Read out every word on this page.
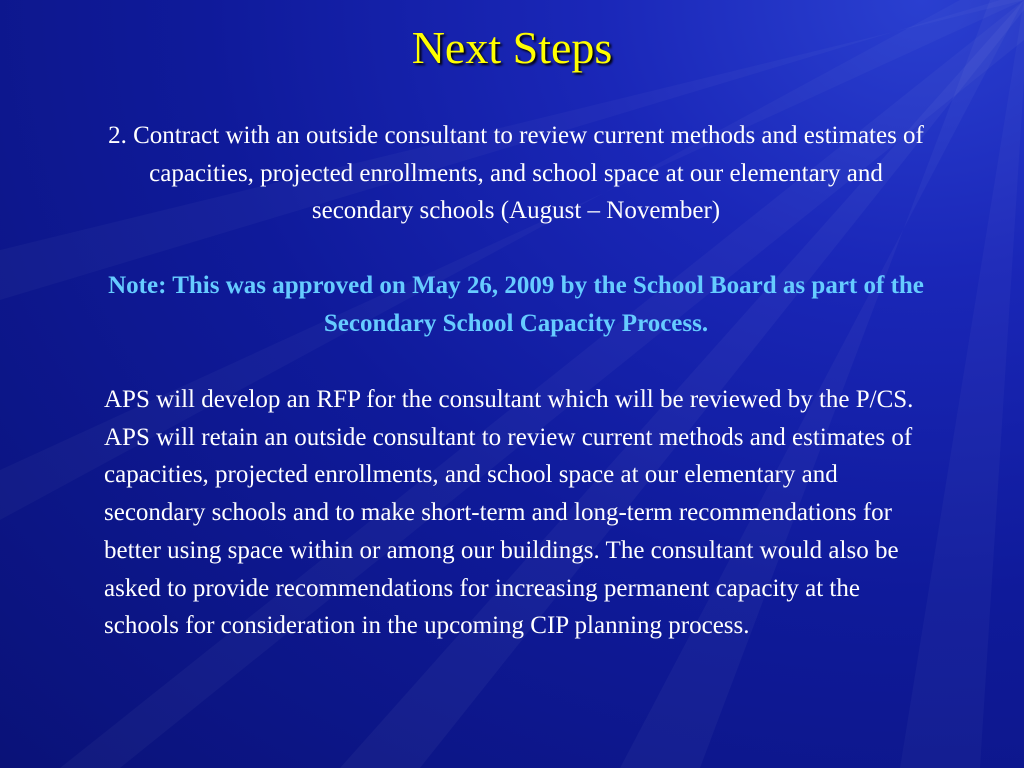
Next Steps
2. Contract with an outside consultant to review current methods and estimates of capacities, projected enrollments, and school space at our elementary and secondary schools (August – November)
Note: This was approved on May 26, 2009 by the School Board as part of the Secondary School Capacity Process.
APS will develop an RFP for the consultant which will be reviewed by the P/CS. APS will retain an outside consultant to review current methods and estimates of capacities, projected enrollments, and school space at our elementary and secondary schools and to make short-term and long-term recommendations for better using space within or among our buildings. The consultant would also be asked to provide recommendations for increasing permanent capacity at the schools for consideration in the upcoming CIP planning process.
